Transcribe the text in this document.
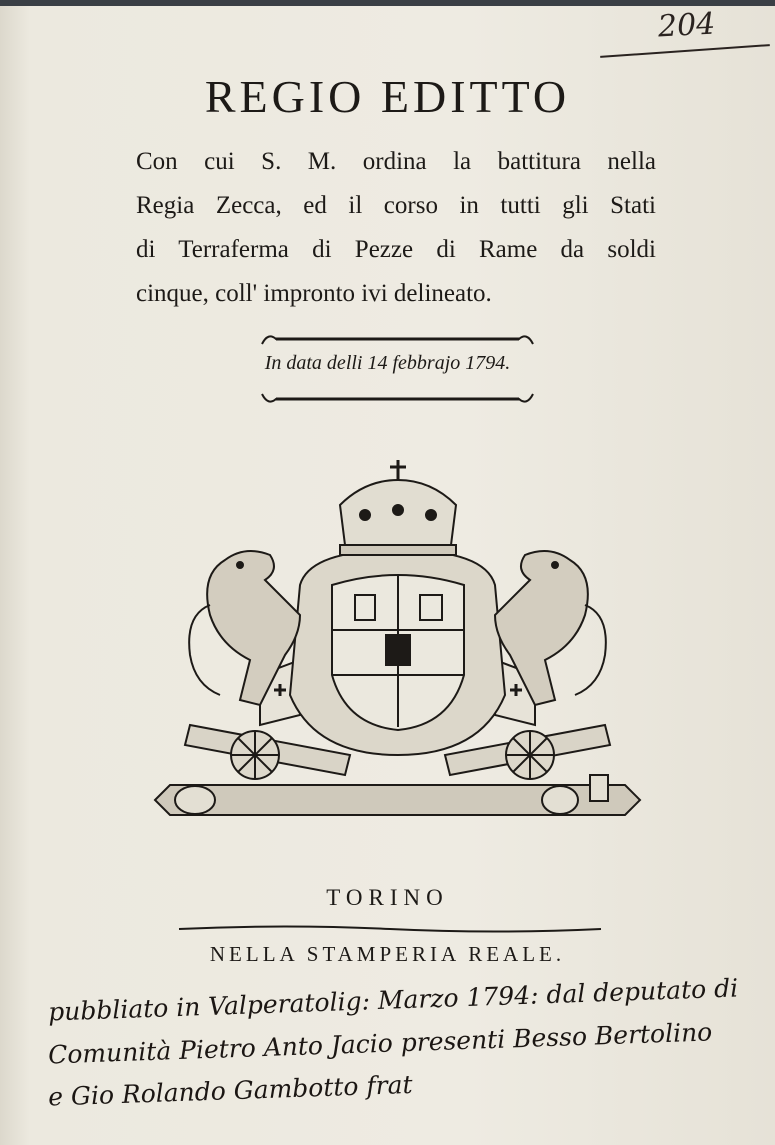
204
REGIO EDITTO
Con cui S. M. ordina la battitura nella
Regia Zecca, ed il corso in tutti gli Stati
di Terraferma di Pezze di Rame da soldi
cinque, coll' impronto ivi delineato.
In data delli 14 febbrajo 1794.
TORINO
NELLA STAMPERIA REALE.
pubbliato in Valperatolig: Marzo 1794: dal deputato di
Comunità Pietro Anto Jacio presenti Besso Bertolino
e Gio Rolando Gambotto frat
